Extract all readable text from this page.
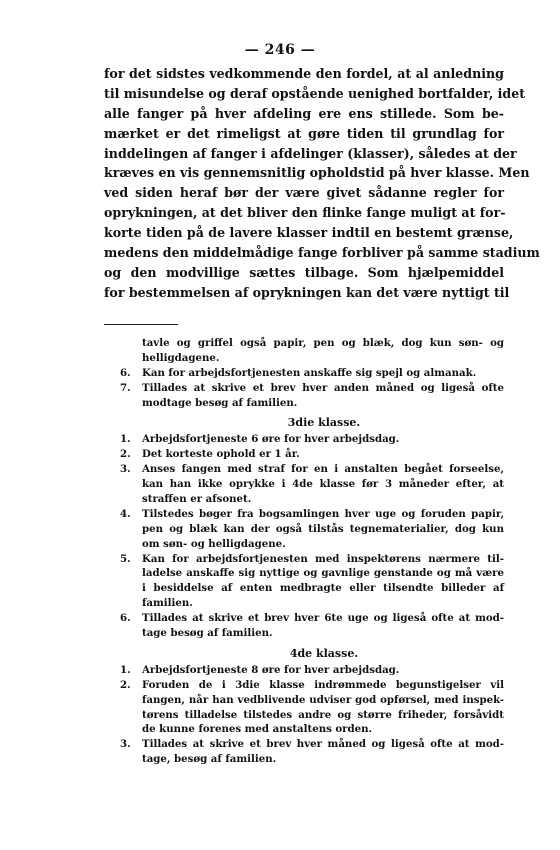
— 246 —
for det sidstes vedkommende den fordel, at al anledning
til misundelse og deraf opstående uenighed bortfalder, idet
alle fanger på hver afdeling ere ens stillede. Som be-
mærket er det rimeligst at gøre tiden til grundlag for
inddelingen af fanger i afdelinger (klasser), således at der
kræves en vis gennemsnitlig opholdstid på hver klasse. Men
ved siden heraf bør der være givet sådanne regler for
oprykningen, at det bliver den flinke fange muligt at for-
korte tiden på de lavere klasser indtil en bestemt grænse,
medens den middelmådige fange forbliver på samme stadium
og den modvillige sættes tilbage. Som hjælpemiddel
for bestemmelsen af oprykningen kan det være nyttigt til
tavle og griffel også papir, pen og blæk, dog kun søn- og
helligdagene.
6. Kan for arbejdsfortjenesten anskaffe sig spejl og almanak.
7.	Tillades at skrive et brev hver anden måned og ligeså ofte
modtage besøg af familien.
3die klasse.
1. Arbejdsfortjeneste 6 øre for hver arbejdsdag.
2. Det korteste ophold er 1 år.
3.	Anses fangen med straf for en i anstalten begået forseelse,
kan han ikke oprykke i 4de klasse før 3 måneder efter, at
straffen er afsonet.
4.	Tilstedes bøger fra bogsamlingen hver uge og foruden papir,
pen og blæk kan der også tilstås tegnematerialier, dog kun
om søn- og helligdagene.
5.	Kan for arbejdsfortjenesten med inspektørens nærmere til-
ladelse anskaffe sig nyttige og gavnlige genstande og må være
i besiddelse af enten medbragte eller tilsendte billeder af
familien.
6.	Tillades at skrive et brev hver 6te uge og ligeså ofte at mod-
tage besøg af familien.
4de klasse.
1. Arbejdsfortjeneste 8 øre for hver arbejdsdag.
2.	Foruden de i 3die klasse indrømmede begunstigelser vil
fangen, når han vedblivende udviser god opførsel, med inspek-
tørens tilladelse tilstedes andre og større friheder, forsåvidt
de kunne forenes med anstaltens orden.
3.	Tillades at skrive et brev hver måned og ligeså ofte at mod-
tage, besøg af familien.
